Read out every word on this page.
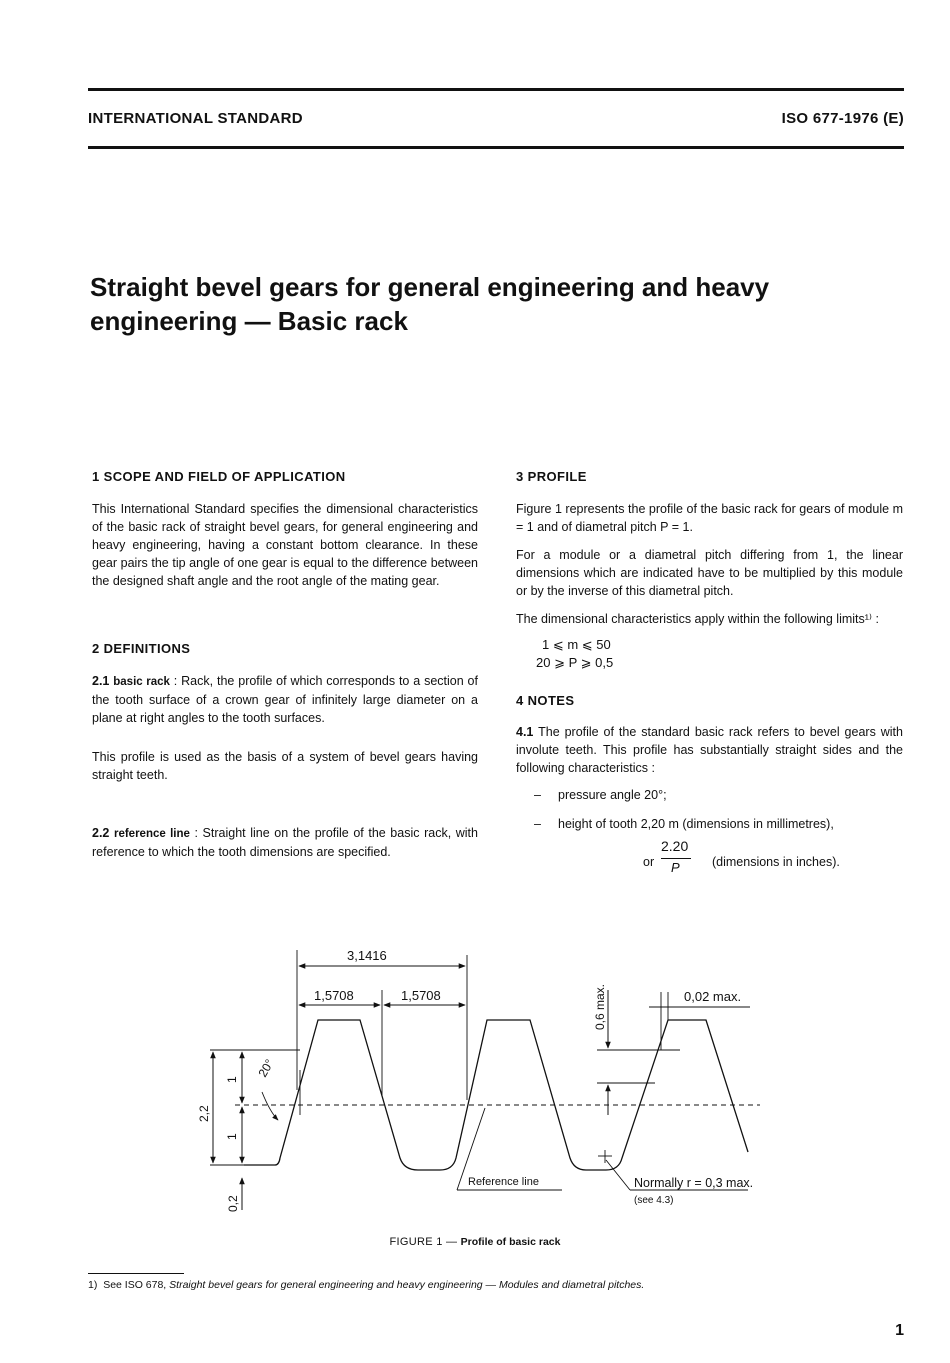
INTERNATIONAL STANDARD	ISO 677-1976 (E)
Straight bevel gears for general engineering and heavy
engineering — Basic rack

1 SCOPE AND FIELD OF APPLICATION

This International Standard specifies the dimensional characteristics of the basic rack of straight bevel gears, for general engineering and heavy engineering, having a constant bottom clearance. In these gear pairs the tip angle of one gear is equal to the difference between the designed shaft angle and the root angle of the mating gear.

2 DEFINITIONS

2.1 basic rack : Rack, the profile of which corresponds to a section of the tooth surface of a crown gear of infinitely large diameter on a plane at right angles to the tooth surfaces.

This profile is used as the basis of a system of bevel gears having straight teeth.

2.2 reference line : Straight line on the profile of the basic rack, with reference to which the tooth dimensions are specified.

3 PROFILE

Figure 1 represents the profile of the basic rack for gears of module m = 1 and of diametral pitch P = 1.

For a module or a diametral pitch differing from 1, the linear dimensions which are indicated have to be multiplied by this module or by the inverse of this diametral pitch.

The dimensional characteristics apply within the following limits¹⁾ :

1 ⩽ m ⩽ 50
20 ⩾ P ⩾ 0,5

4 NOTES

4.1 The profile of the standard basic rack refers to bevel gears with involute teeth. This profile has substantially straight sides and the following characteristics :

– pressure angle 20°;
– height of tooth 2,20 m (dimensions in millimetres),
or
2.20
P	(dimensions in inches).
3,1416
1,5708	1,5708	0,6 max.	0,02 max.
2,2
1
1
0,2
20°
Reference line	Normally r = 0,3 max.
(see 4.3)
FIGURE 1 — Profile of basic rack
1) See ISO 678, Straight bevel gears for general engineering and heavy engineering — Modules and diametral pitches.
1
